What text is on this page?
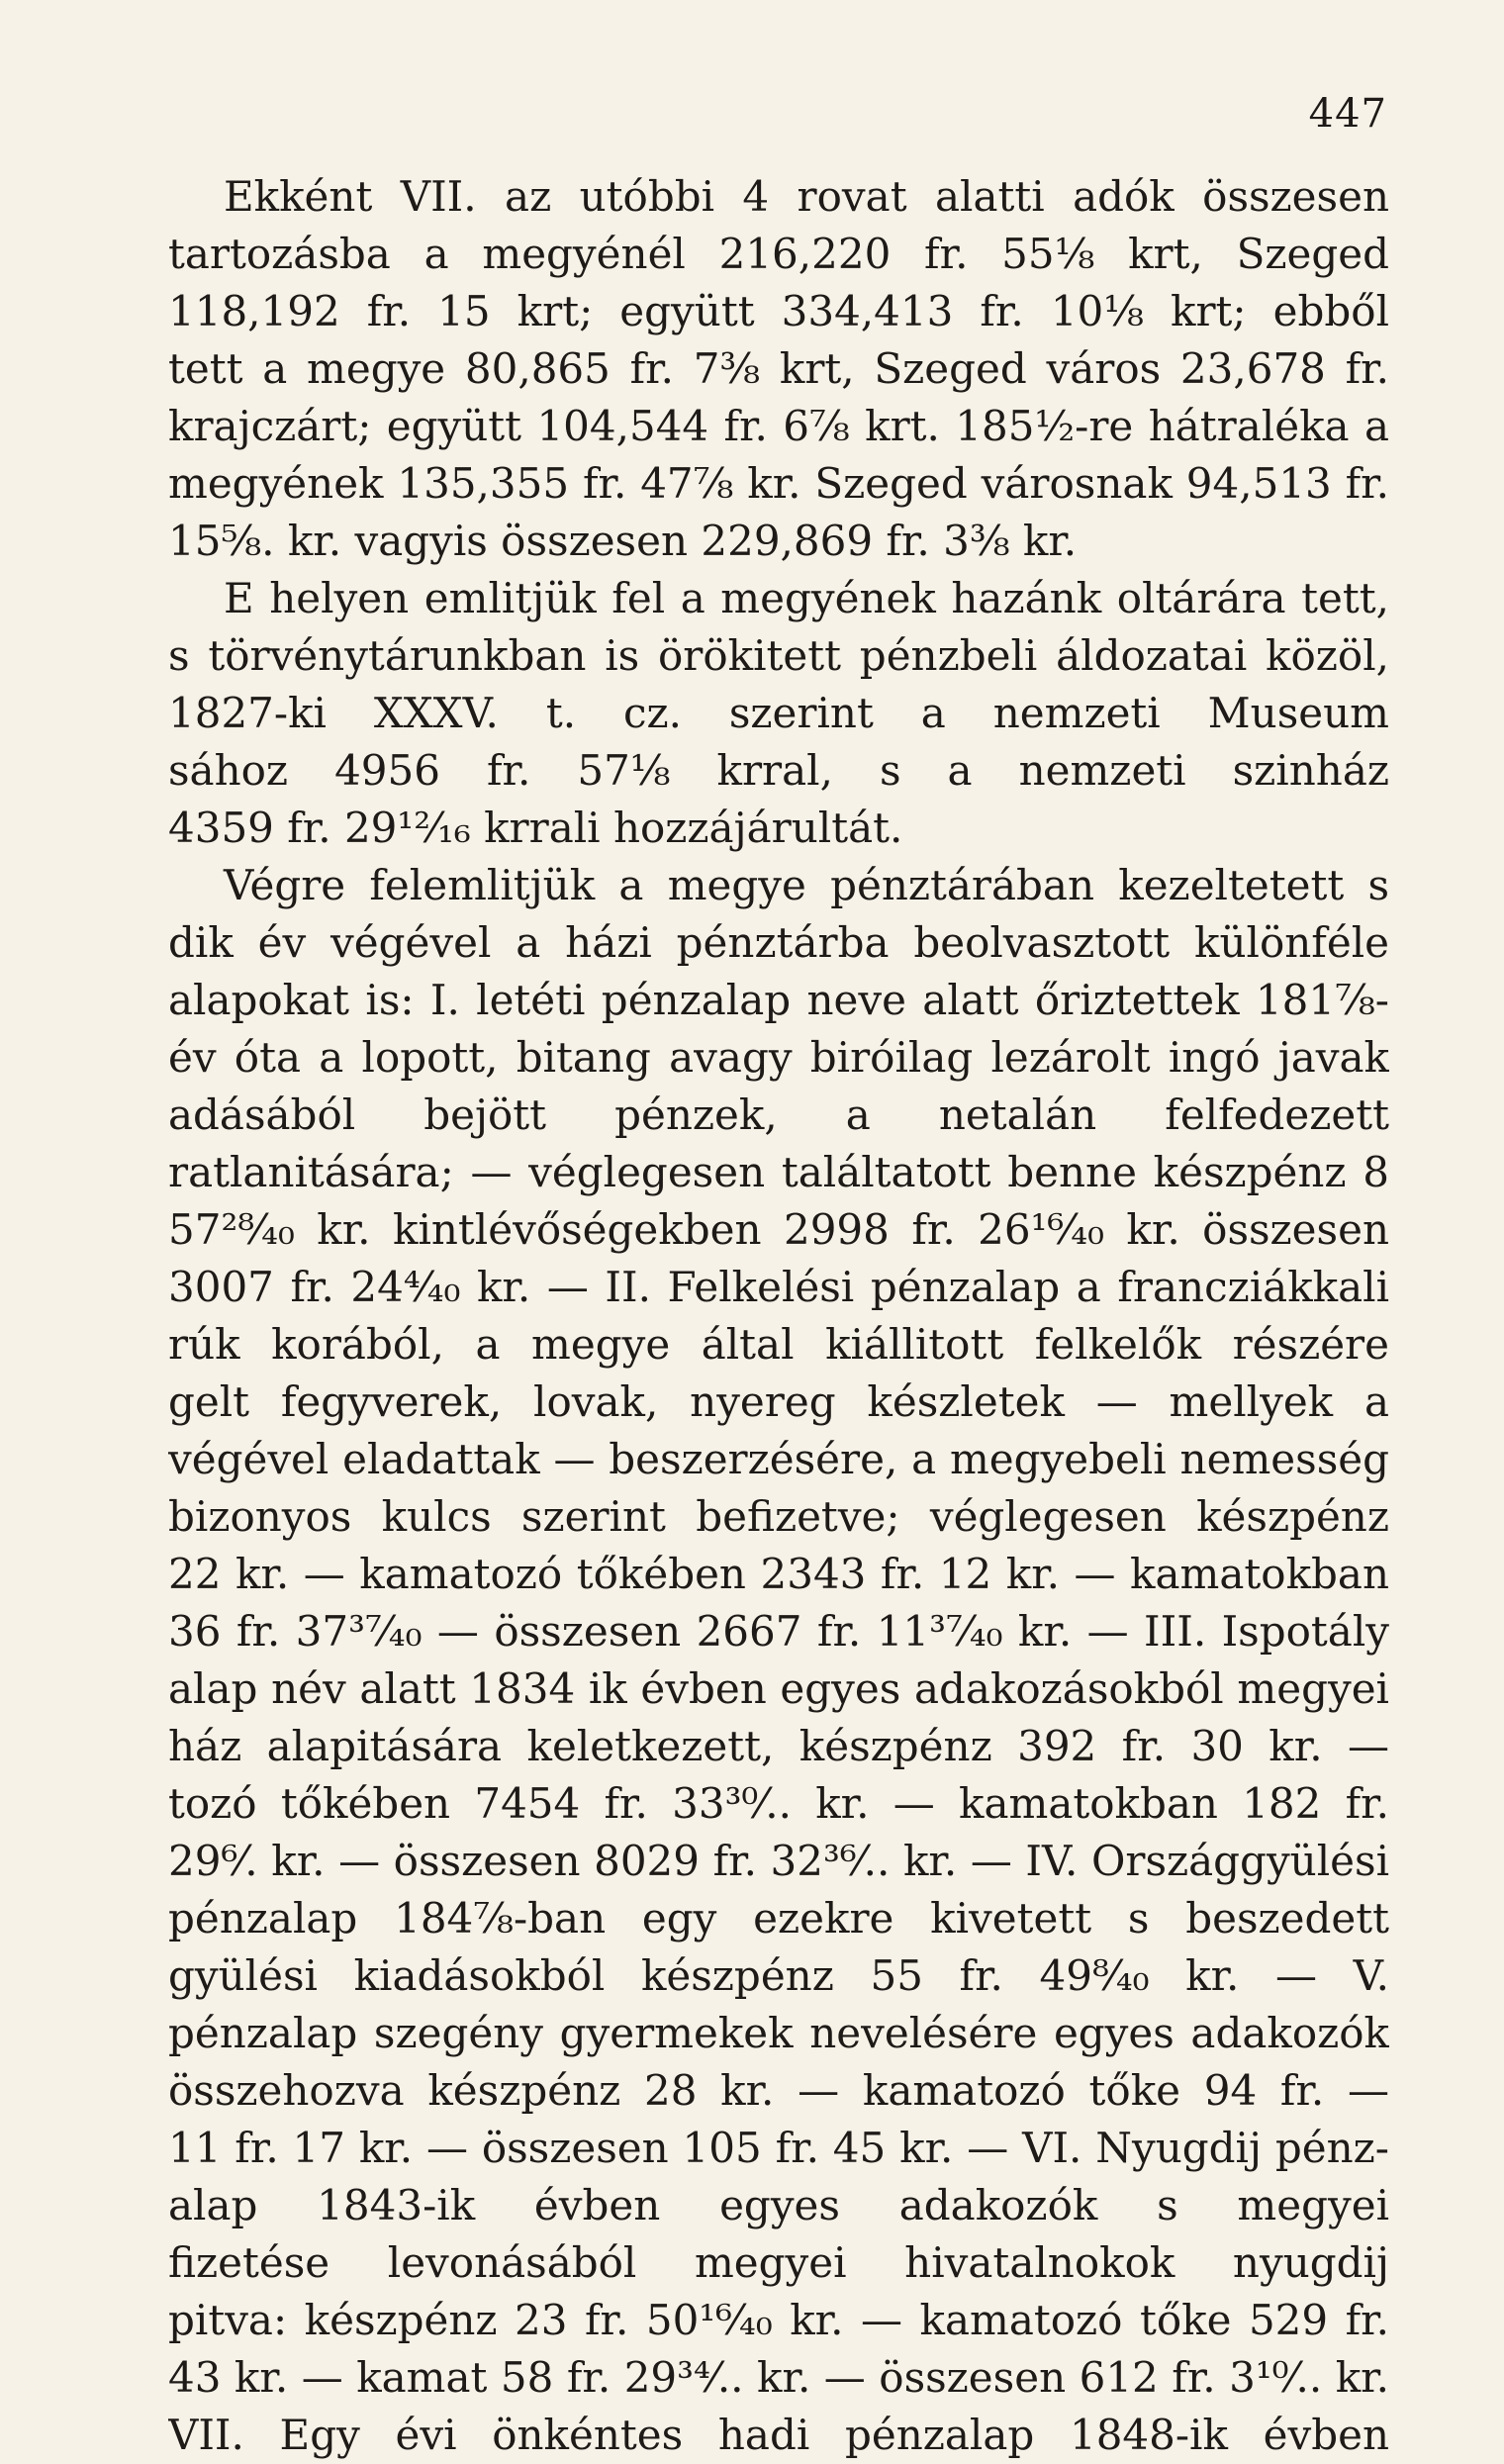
447
Ekként VII. az utóbbi 4 rovat alatti adók összesen
tartozásba a megyénél 216,220 fr. 55⅛ krt, Szeged
118,192 fr. 15 krt; együtt 334,413 fr. 10⅛ krt; ebből
tett a megye 80,865 fr. 7⅜ krt, Szeged város 23,678 fr.
krajczárt; együtt 104,544 fr. 6⅞ krt. 185½-re hátraléka a
megyének 135,355 fr. 47⅞ kr. Szeged városnak 94,513 fr.
15⅝. kr. vagyis összesen 229,869 fr. 3⅜ kr.
E helyen emlitjük fel a megyének hazánk oltárára tett,
s törvénytárunkban is örökitett pénzbeli áldozatai közöl,
1827-ki XXXV. t. cz. szerint a nemzeti Museum
sához 4956 fr. 57⅛ krral, s a nemzeti szinház
4359 fr. 29¹²⁄₁₆ krrali hozzájárultát.
Végre felemlitjük a megye pénztárában kezeltetett s
dik év végével a házi pénztárba beolvasztott különféle
alapokat is: I. letéti pénzalap neve alatt őriztettek 181⅞-
év óta a lopott, bitang avagy biróilag lezárolt ingó javak
adásából bejött pénzek, a netalán felfedezett
ratlanitására; — véglegesen találtatott benne készpénz 8
57²⁸⁄₄₀ kr. kintlévőségekben 2998 fr. 26¹⁶⁄₄₀ kr. összesen
3007 fr. 24⁴⁄₄₀ kr. — II. Felkelési pénzalap a francziákkali
rúk korából, a megye által kiállitott felkelők részére
gelt fegyverek, lovak, nyereg készletek — mellyek a
végével eladattak — beszerzésére, a megyebeli nemesség
bizonyos kulcs szerint befizetve; véglegesen készpénz
22 kr. — kamatozó tőkében 2343 fr. 12 kr. — kamatokban
36 fr. 37³⁷⁄₄₀ — összesen 2667 fr. 11³⁷⁄₄₀ kr. — III. Ispotály
alap név alatt 1834 ik évben egyes adakozásokból megyei
ház alapitására keletkezett, készpénz 392 fr. 30 kr. —
tozó tőkében 7454 fr. 33³⁰⁄.. kr. — kamatokban 182 fr.
29⁶⁄. kr. — összesen 8029 fr. 32³⁶⁄.. kr. — IV. Országgyülési
pénzalap 184⅞-ban egy ezekre kivetett s beszedett
gyülési kiadásokból készpénz 55 fr. 49⁸⁄₄₀ kr. — V.
pénzalap szegény gyermekek nevelésére egyes adakozók
összehozva készpénz 28 kr. — kamatozó tőke 94 fr. —
11 fr. 17 kr. — összesen 105 fr. 45 kr. — VI. Nyugdij pénz-
alap 1843-ik évben egyes adakozók s megyei
fizetése levonásából megyei hivatalnokok nyugdij
pitva: készpénz 23 fr. 50¹⁶⁄₄₀ kr. — kamatozó tőke 529 fr.
43 kr. — kamat 58 fr. 29³⁴⁄.. kr. — összesen 612 fr. 3¹⁰⁄.. kr.
VII. Egy évi önkéntes hadi pénzalap 1848-ik évben
